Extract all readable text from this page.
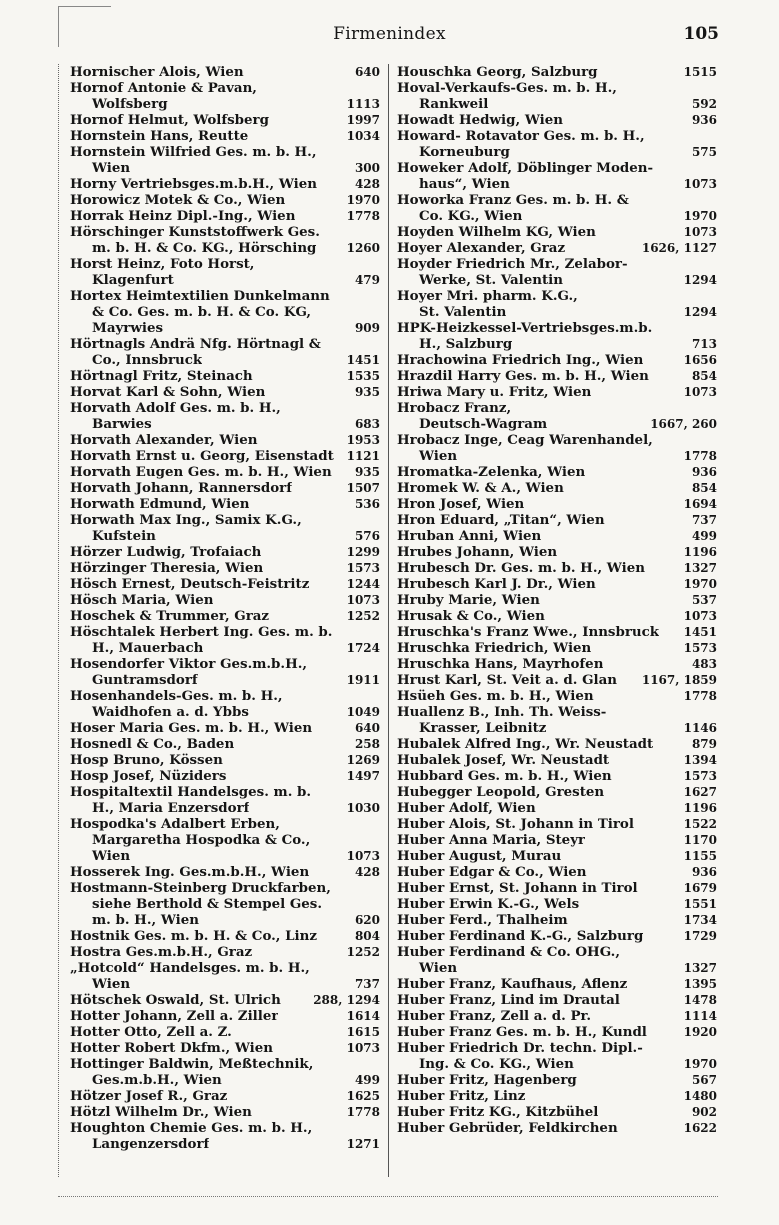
Firmenindex	105
Hornischer Alois, Wien	640
Hornof Antonie & Pavan,
Wolfsberg	1113
Hornof Helmut, Wolfsberg	1997
Hornstein Hans, Reutte	1034
Hornstein Wilfried Ges. m. b. H.,
Wien	300
Horny Vertriebsges.m.b.H., Wien	428
Horowicz Motek & Co., Wien	1970
Horrak Heinz Dipl.-Ing., Wien	1778
Hörschinger Kunststoffwerk Ges.
m. b. H. & Co. KG., Hörsching	1260
Horst Heinz, Foto Horst,
Klagenfurt	479
Hortex Heimtextilien Dunkelmann
& Co. Ges. m. b. H. & Co. KG,
Mayrwies	909
Hörtnagls Andrä Nfg. Hörtnagl &
Co., Innsbruck	1451
Hörtnagl Fritz, Steinach	1535
Horvat Karl & Sohn, Wien	935
Horvath Adolf Ges. m. b. H.,
Barwies	683
Horvath Alexander, Wien	1953
Horvath Ernst u. Georg, Eisenstadt	1121
Horvath Eugen Ges. m. b. H., Wien	935
Horvath Johann, Rannersdorf	1507
Horwath Edmund, Wien	536
Horwath Max Ing., Samix K.G.,
Kufstein	576
Hörzer Ludwig, Trofaiach	1299
Hörzinger Theresia, Wien	1573
Hösch Ernest, Deutsch-Feistritz	1244
Hösch Maria, Wien	1073
Hoschek & Trummer, Graz	1252
Höschtalek Herbert Ing. Ges. m. b.
H., Mauerbach	1724
Hosendorfer Viktor Ges.m.b.H.,
Guntramsdorf	1911
Hosenhandels-Ges. m. b. H.,
Waidhofen a. d. Ybbs	1049
Hoser Maria Ges. m. b. H., Wien	640
Hosnedl & Co., Baden	258
Hosp Bruno, Kössen	1269
Hosp Josef, Nüziders	1497
Hospitaltextil Handelsges. m. b.
H., Maria Enzersdorf	1030
Hospodka's Adalbert Erben,
Margaretha Hospodka & Co.,
Wien	1073
Hosserek Ing. Ges.m.b.H., Wien	428
Hostmann-Steinberg Druckfarben,
siehe Berthold & Stempel Ges.
m. b. H., Wien	620
Hostnik Ges. m. b. H. & Co., Linz	804
Hostra Ges.m.b.H., Graz	1252
„Hotcold“ Handelsges. m. b. H.,
Wien	737
Hötschek Oswald, St. Ulrich	288, 1294
Hotter Johann, Zell a. Ziller	1614
Hotter Otto, Zell a. Z.	1615
Hotter Robert Dkfm., Wien	1073
Hottinger Baldwin, Meßtechnik,
Ges.m.b.H., Wien	499
Hötzer Josef R., Graz	1625
Hötzl Wilhelm Dr., Wien	1778
Houghton Chemie Ges. m. b. H.,
Langenzersdorf	1271
Houschka Georg, Salzburg	1515
Hoval-Verkaufs-Ges. m. b. H.,
Rankweil	592
Howadt Hedwig, Wien	936
Howard- Rotavator Ges. m. b. H.,
Korneuburg	575
Howeker Adolf, Döblinger Moden-
haus“, Wien	1073
Howorka Franz Ges. m. b. H. &
Co. KG., Wien	1970
Hoyden Wilhelm KG, Wien	1073
Hoyer Alexander, Graz	1626, 1127
Hoyder Friedrich Mr., Zelabor-
Werke, St. Valentin	1294
Hoyer Mri. pharm. K.G.,
St. Valentin	1294
HPK-Heizkessel-Vertriebsges.m.b.
H., Salzburg	713
Hrachowina Friedrich Ing., Wien	1656
Hrazdil Harry Ges. m. b. H., Wien	854
Hriwa Mary u. Fritz, Wien	1073
Hrobacz Franz,
Deutsch-Wagram	1667, 260
Hrobacz Inge, Ceag Warenhandel,
Wien	1778
Hromatka-Zelenka, Wien	936
Hromek W. & A., Wien	854
Hron Josef, Wien	1694
Hron Eduard, „Titan“, Wien	737
Hruban Anni, Wien	499
Hrubes Johann, Wien	1196
Hrubesch Dr. Ges. m. b. H., Wien	1327
Hrubesch Karl J. Dr., Wien	1970
Hruby Marie, Wien	537
Hrusak & Co., Wien	1073
Hruschka's Franz Wwe., Innsbruck	1451
Hruschka Friedrich, Wien	1573
Hruschka Hans, Mayrhofen	483
Hrust Karl, St. Veit a. d. Glan	1167, 1859
Hsüeh Ges. m. b. H., Wien	1778
Huallenz B., Inh. Th. Weiss-
Krasser, Leibnitz	1146
Hubalek Alfred Ing., Wr. Neustadt	879
Hubalek Josef, Wr. Neustadt	1394
Hubbard Ges. m. b. H., Wien	1573
Hubegger Leopold, Gresten	1627
Huber Adolf, Wien	1196
Huber Alois, St. Johann in Tirol	1522
Huber Anna Maria, Steyr	1170
Huber August, Murau	1155
Huber Edgar & Co., Wien	936
Huber Ernst, St. Johann in Tirol	1679
Huber Erwin K.-G., Wels	1551
Huber Ferd., Thalheim	1734
Huber Ferdinand K.-G., Salzburg	1729
Huber Ferdinand & Co. OHG.,
Wien	1327
Huber Franz, Kaufhaus, Aflenz	1395
Huber Franz, Lind im Drautal	1478
Huber Franz, Zell a. d. Pr.	1114
Huber Franz Ges. m. b. H., Kundl	1920
Huber Friedrich Dr. techn. Dipl.-
Ing. & Co. KG., Wien	1970
Huber Fritz, Hagenberg	567
Huber Fritz, Linz	1480
Huber Fritz KG., Kitzbühel	902
Huber Gebrüder, Feldkirchen	1622
